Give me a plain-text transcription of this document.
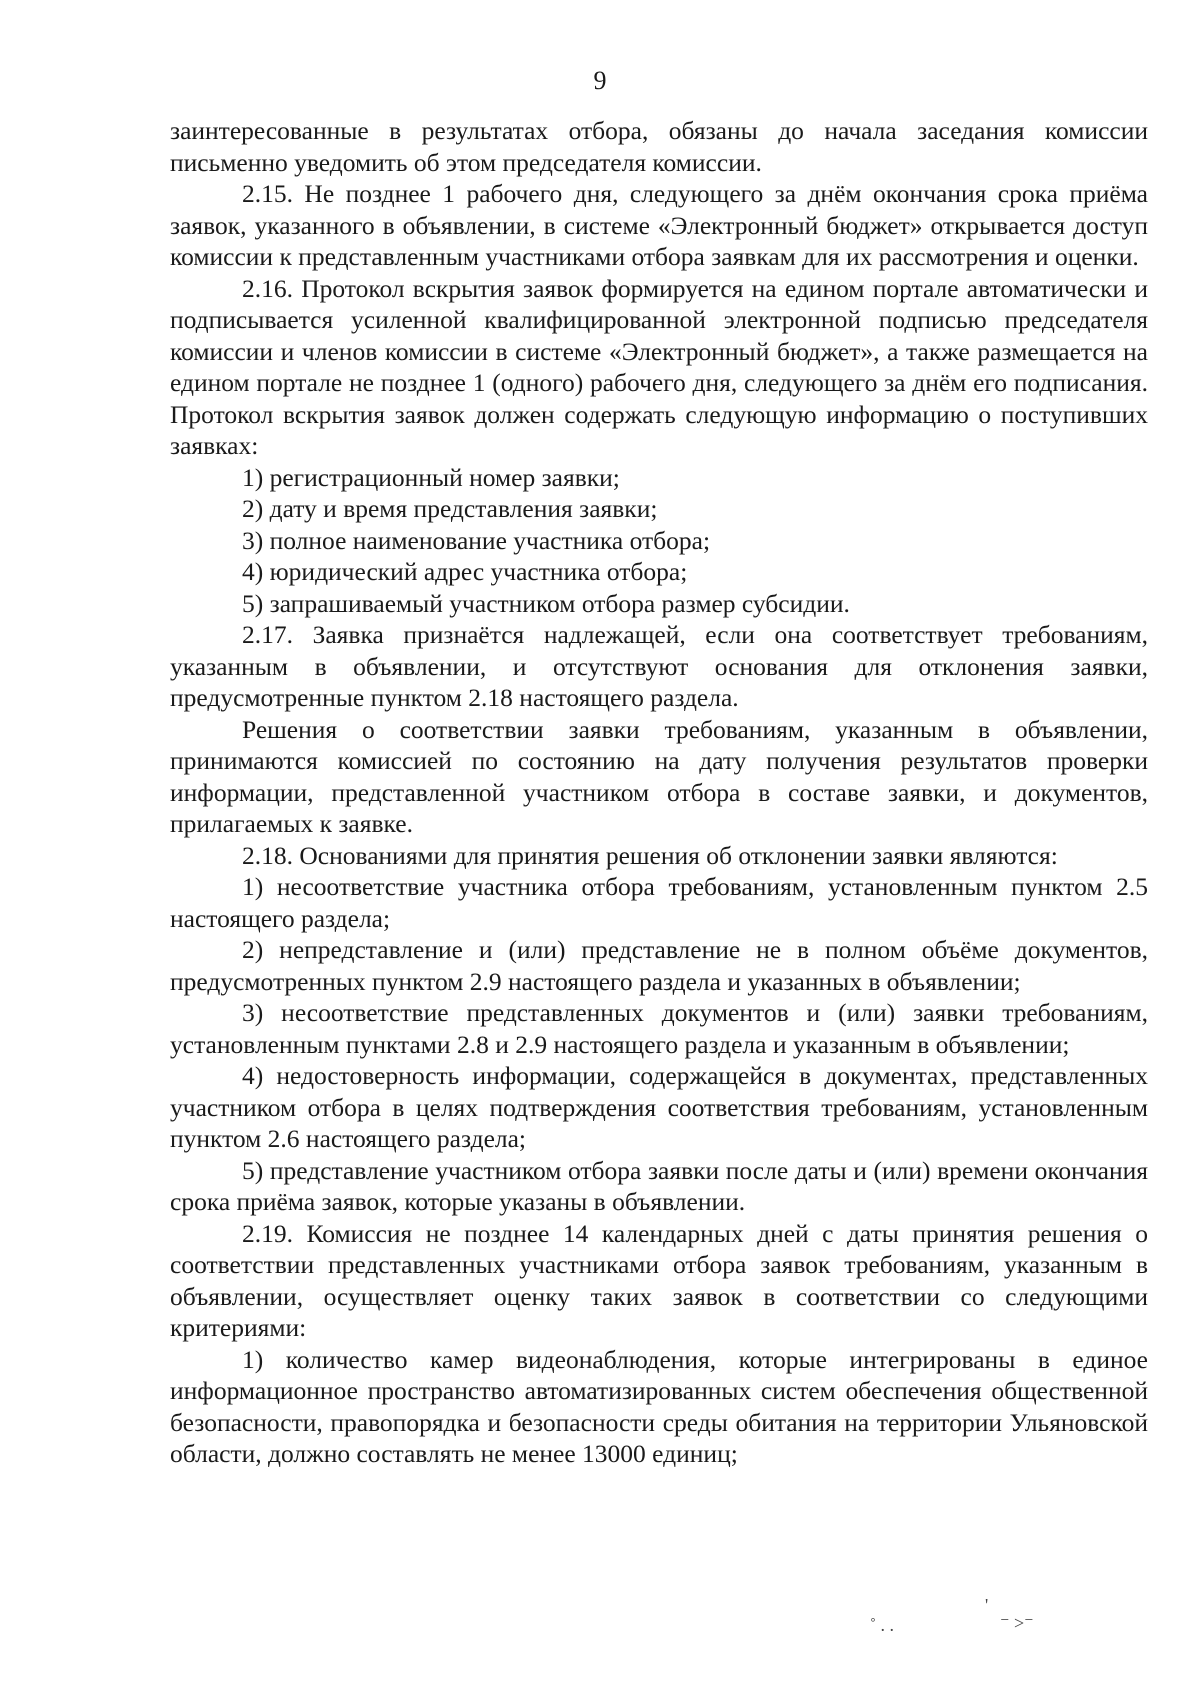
9

заинтересованные в результатах отбора, обязаны до начала заседания комиссии письменно уведомить об этом председателя комиссии.

2.15. Не позднее 1 рабочего дня, следующего за днём окончания срока приёма заявок, указанного в объявлении, в системе «Электронный бюджет» открывается доступ комиссии к представленным участниками отбора заявкам для их рассмотрения и оценки.

2.16. Протокол вскрытия заявок формируется на едином портале автоматически и подписывается усиленной квалифицированной электронной подписью председателя комиссии и членов комиссии в системе «Электронный бюджет», а также размещается на едином портале не позднее 1 (одного) рабочего дня, следующего за днём его подписания. Протокол вскрытия заявок должен содержать следующую информацию о поступивших заявках:

1) регистрационный номер заявки;

2) дату и время представления заявки;

3) полное наименование участника отбора;

4) юридический адрес участника отбора;

5) запрашиваемый участником отбора размер субсидии.

2.17. Заявка признаётся надлежащей, если она соответствует требованиям, указанным в объявлении, и отсутствуют основания для отклонения заявки, предусмотренные пунктом 2.18 настоящего раздела.

Решения о соответствии заявки требованиям, указанным в объявлении, принимаются комиссией по состоянию на дату получения результатов проверки информации, представленной участником отбора в составе заявки, и документов, прилагаемых к заявке.

2.18. Основаниями для принятия решения об отклонении заявки являются:

1) несоответствие участника отбора требованиям, установленным пунктом 2.5 настоящего раздела;

2) непредставление и (или) представление не в полном объёме документов, предусмотренных пунктом 2.9 настоящего раздела и указанных в объявлении;

3) несоответствие представленных документов и (или) заявки требованиям, установленным пунктами 2.8 и 2.9 настоящего раздела и указанным в объявлении;

4) недостоверность информации, содержащейся в документах, представленных участником отбора в целях подтверждения соответствия требованиям, установленным пунктом 2.6 настоящего раздела;

5) представление участником отбора заявки после даты и (или) времени окончания срока приёма заявок, которые указаны в объявлении.

2.19. Комиссия не позднее 14 календарных дней с даты принятия решения о соответствии представленных участниками отбора заявок требованиям, указанным в объявлении, осуществляет оценку таких заявок в соответствии со следующими критериями:

1) количество камер видеонаблюдения, которые интегрированы в единое информационное пространство автоматизированных систем обеспечения общественной безопасности, правопорядка и безопасности среды обитания на территории Ульяновской области, должно составлять не менее 13000 единиц;

'
˚ . .	⁻ ˃⁻
